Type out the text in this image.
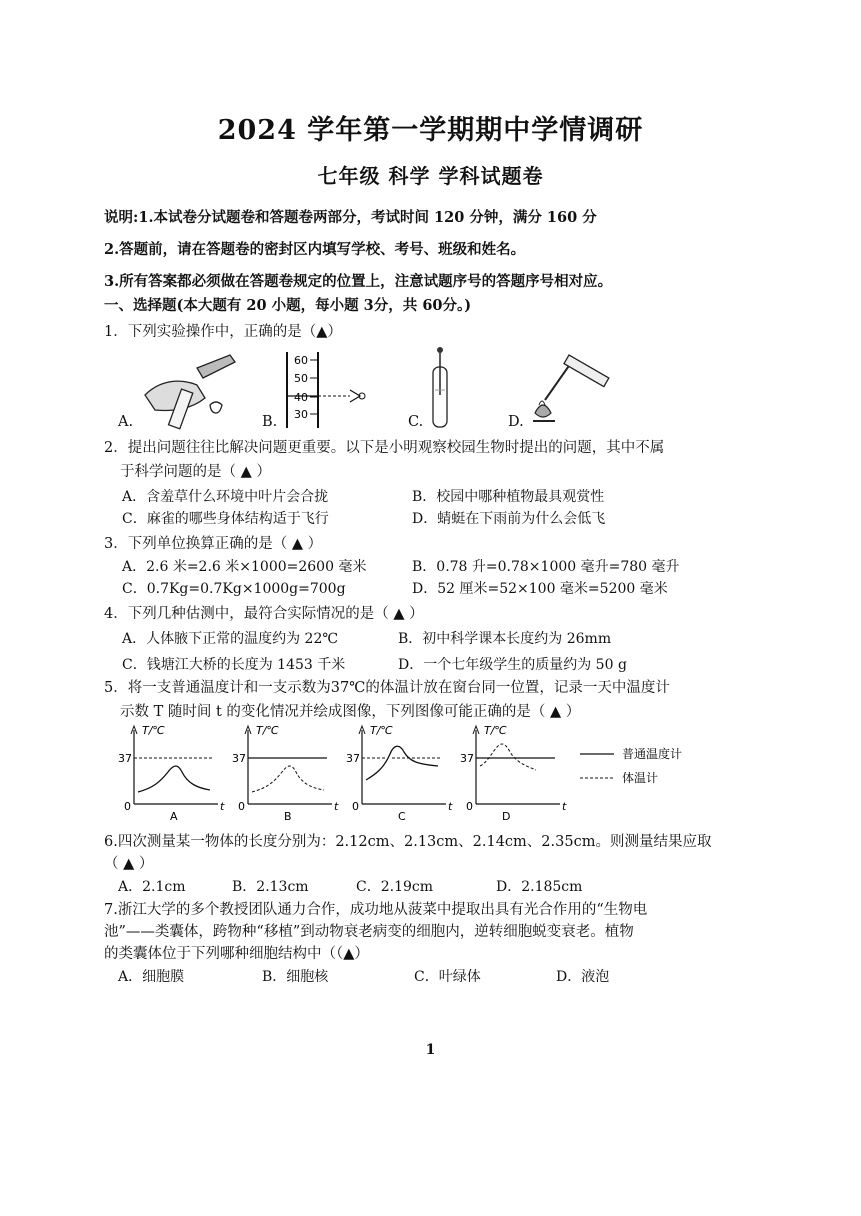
2024 学年第一学期期中学情调研
七年级 科学 学科试题卷
说明:1.本试卷分试题卷和答题卷两部分，考试时间 120 分钟，满分 160 分
2.答题前，请在答题卷的密封区内填写学校、考号、班级和姓名。
3.所有答案都必须做在答题卷规定的位置上，注意试题序号的答题序号相对应。
一、选择题(本大题有 20 小题，每小题 3分，共 60分。)
1．下列实验操作中，正确的是（▲）
A.	B.
60
50
40
30	C.	D.
2．提出问题往往比解决问题更重要。以下是小明观察校园生物时提出的问题，其中不属
于科学问题的是（ ▲ ）
A．含羞草什么环境中叶片会合拢	B．校园中哪种植物最具观赏性
C．麻雀的哪些身体结构适于飞行	D．蜻蜓在下雨前为什么会低飞
3．下列单位换算正确的是（ ▲ ）
A．2.6 米=2.6 米×1000=2600 毫米	B．0.78 升=0.78×1000 毫升=780 毫升
C．0.7Kg=0.7Kg×1000g=700g	D．52 厘米=52×100 毫米=5200 毫米
4．下列几种估测中，最符合实际情况的是（ ▲ ）
A．人体腋下正常的温度约为 22℃	B．初中科学课本长度约为 26mm
C．钱塘江大桥的长度为 1453 千米	D．一个七年级学生的质量约为 50 g
5．将一支普通温度计和一支示数为37℃的体温计放在窗台同一位置，记录一天中温度计
示数 T 随时间 t 的变化情况并绘成图像，下列图像可能正确的是（ ▲ ）
T/℃
37
0	t
A
T/℃
37
0	t
B
T/℃
37
0	t
C
T/℃
37
0	t
D
普通温度计
体温计
6.四次测量某一物体的长度分别为：2.12cm、2.13cm、2.14cm、2.35cm。则测量结果应取
（ ▲ ）
A．2.1cm	B．2.13cm	C．2.19cm	D．2.185cm
7.浙江大学的多个教授团队通力合作，成功地从菠菜中提取出具有光合作用的“生物电
池”——类囊体，跨物种“移植”到动物衰老病变的细胞内，逆转细胞蜕变衰老。植物
的类囊体位于下列哪种细胞结构中（（▲）
A．细胞膜	B．细胞核	C．叶绿体	D．液泡
1
